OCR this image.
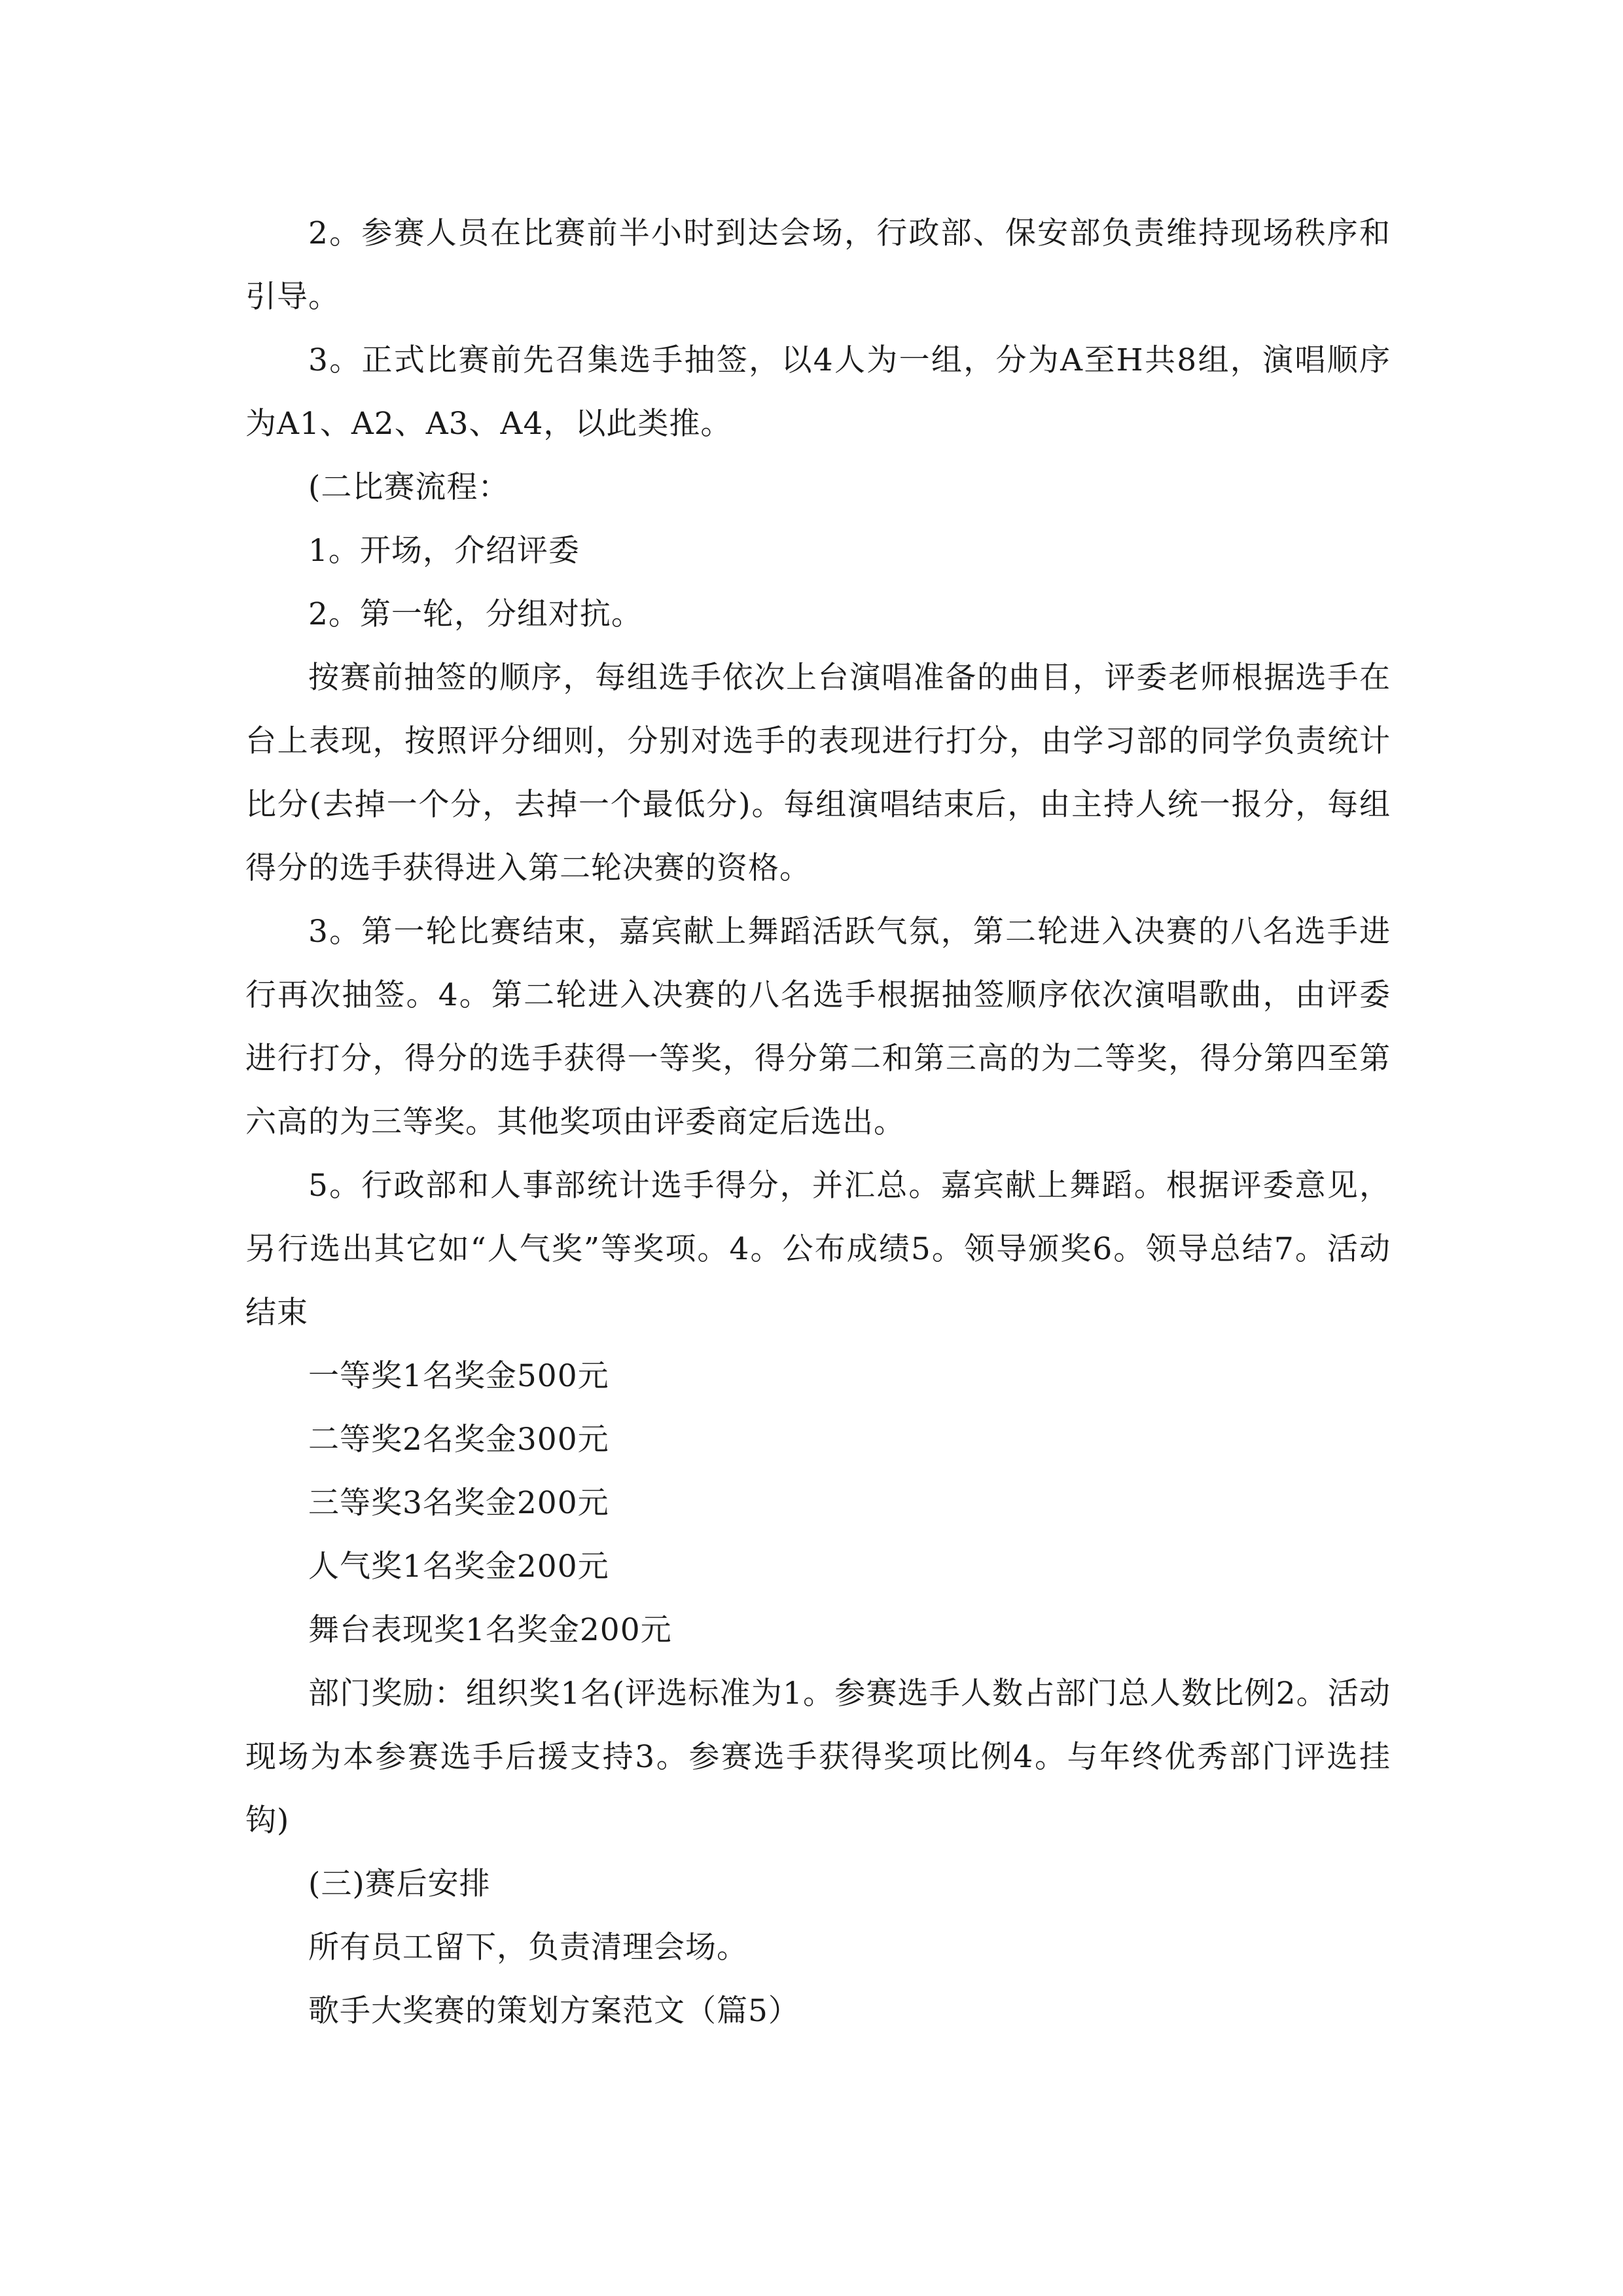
2。参赛人员在比赛前半小时到达会场，行政部、保安部负责维持现场秩序和引导。

3。正式比赛前先召集选手抽签，以4人为一组，分为A至H共8组，演唱顺序为A1、A2、A3、A4，以此类推。

(二比赛流程：

1。开场，介绍评委

2。第一轮，分组对抗。

按赛前抽签的顺序，每组选手依次上台演唱准备的曲目，评委老师根据选手在台上表现，按照评分细则，分别对选手的表现进行打分，由学习部的同学负责统计比分(去掉一个分，去掉一个最低分)。每组演唱结束后，由主持人统一报分，每组得分的选手获得进入第二轮决赛的资格。

3。第一轮比赛结束，嘉宾献上舞蹈活跃气氛，第二轮进入决赛的八名选手进行再次抽签。4。第二轮进入决赛的八名选手根据抽签顺序依次演唱歌曲，由评委进行打分，得分的选手获得一等奖，得分第二和第三高的为二等奖，得分第四至第六高的为三等奖。其他奖项由评委商定后选出。

5。行政部和人事部统计选手得分，并汇总。嘉宾献上舞蹈。根据评委意见，另行选出其它如“人气奖”等奖项。4。公布成绩5。领导颁奖6。领导总结7。活动结束

一等奖1名奖金500元

二等奖2名奖金300元

三等奖3名奖金200元

人气奖1名奖金200元

舞台表现奖1名奖金200元

部门奖励：组织奖1名(评选标准为1。参赛选手人数占部门总人数比例2。活动现场为本参赛选手后援支持3。参赛选手获得奖项比例4。与年终优秀部门评选挂钩)

(三)赛后安排

所有员工留下，负责清理会场。

歌手大奖赛的策划方案范文（篇5）
